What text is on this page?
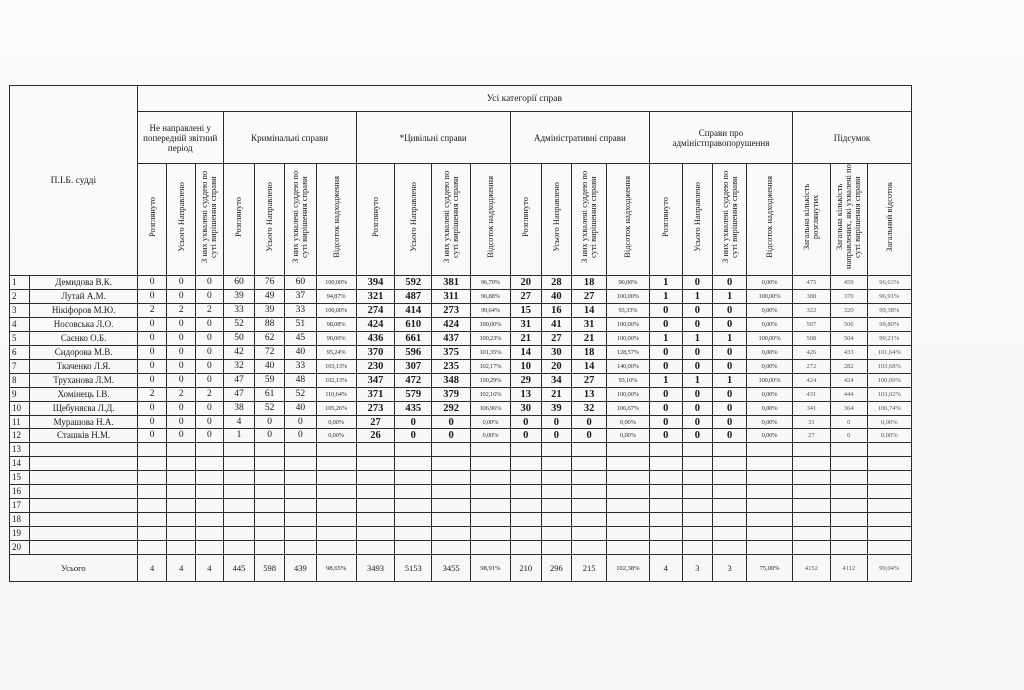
П.І.Б. судді		Усі категорії справ																					
		Не направлені у попередній звітний період			Кримінальні справи				*Цивільні справи				Адміністративні справи				Справи про адміністправопорушення				Підсумок		
		Розглянуто	Усього Направлено	З них ухвалені суддею по суті вирішення справи	Розглянуто	Усього Направлено	З них ухвалені суддею по суті вирішення справи	Відсоток надходження	Розглянуто	Усього Направлено	З них ухвалені суддею по суті вирішення справи	Відсоток надходження	Розглянуто	Усього Направлено	З них ухвалені суддею по суті вирішення справи	Відсоток надходження	Розглянуто	Усього Направлено	З них ухвалені суддею по суті вирішення справи	Відсоток надходження	Загальна кількість розглянутих	Загальна кількість направлених, які ухвалені по суті вирішення справи	Загальний відсоток
1	Демидова В.К.	0	0	0	60	76	60	100,00%	394	592	381	96,70%	20	28	18	90,00%	1	0	0	0,00%	475	459	96,63%
2	Лутай А.М.	0	0	0	39	49	37	94,87%	321	487	311	96,88%	27	40	27	100,00%	1	1	1	100,00%	388	376	96,91%
3	Нікіфоров М.Ю.	2	2	2	33	39	33	100,00%	274	414	273	99,64%	15	16	14	93,33%	0	0	0	0,00%	322	320	99,38%
4	Носовська Л.О.	0	0	0	52	88	51	98,08%	424	610	424	100,00%	31	41	31	100,00%	0	0	0	0,00%	507	506	99,80%
5	Саєнко О.Б.	0	0	0	50	62	45	90,00%	436	661	437	100,23%	21	27	21	100,00%	1	1	1	100,00%	508	504	99,21%
6	Сидорова М.В.	0	0	0	42	72	40	95,24%	370	596	375	101,35%	14	30	18	128,57%	0	0	0	0,00%	426	433	101,64%
7	Ткаченко Л.Я.	0	0	0	32	40	33	103,13%	230	307	235	102,17%	10	20	14	140,00%	0	0	0	0,00%	272	282	103,68%
8	Труханова Л.М.	0	0	0	47	59	48	102,13%	347	472	348	100,29%	29	34	27	93,10%	1	1	1	100,00%	424	424	100,00%
9	Хомінець І.В.	2	2	2	47	61	52	110,64%	371	579	379	102,16%	13	21	13	100,00%	0	0	0	0,00%	431	444	103,02%
10	Щебуняєва Л.Д.	0	0	0	38	52	40	105,26%	273	435	292	106,96%	30	39	32	106,67%	0	0	0	0,00%	341	364	106,74%
11	Мурашова Н.А.	0	0	0	4	0	0	0,00%	27	0	0	0,00%	0	0	0	0,00%	0	0	0	0,00%	31	0	0,00%
12	Сташків Н.М.	0	0	0	1	0	0	0,00%	26	0	0	0,00%	0	0	0	0,00%	0	0	0	0,00%	27	0	0,00%
13																							
14																							
15																							
16																							
17																							
18																							
19																							
20																							
Усього		4	4	4	445	598	439	98,65%	3493	5153	3455	98,91%	210	296	215	102,38%	4	3	3	75,00%	4152	4112	99,04%
